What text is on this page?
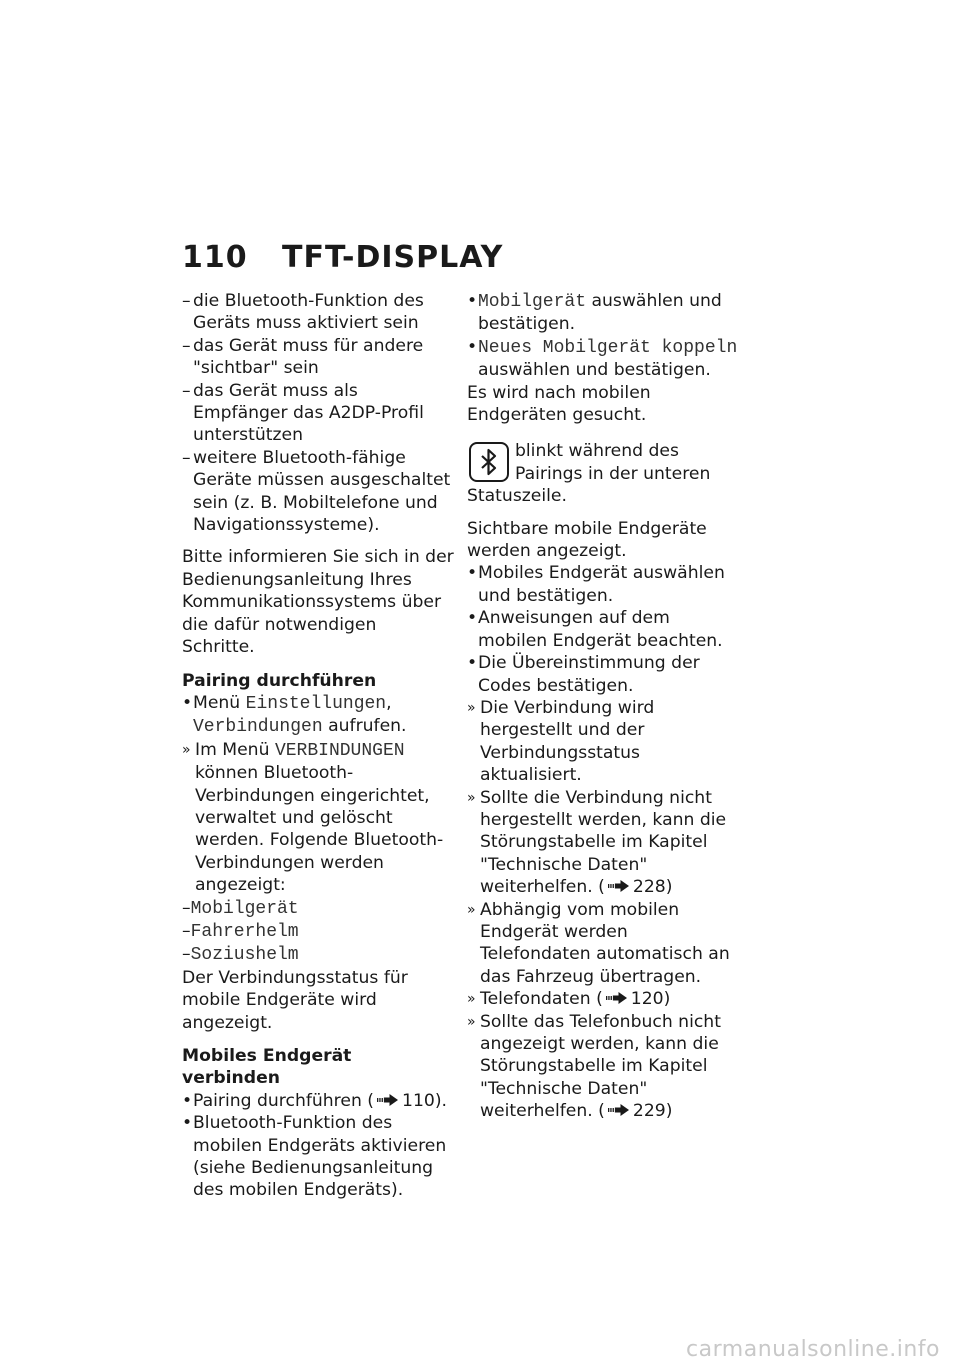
110 TFT-DISPLAY
– die Bluetooth-Funktion des Geräts muss aktiviert sein
– das Gerät muss für andere "sichtbar" sein
– das Gerät muss als Empfänger das A2DP-Profil unterstützen
– weitere Bluetooth-fähige Geräte müssen ausgeschaltet sein (z. B. Mobiltelefone und Navigationssysteme).
Bitte informieren Sie sich in der Bedienungsanleitung Ihres Kommunikationssystems über die dafür notwendigen Schritte.
Pairing durchführen
• Menü Einstellungen, Verbindungen aufrufen.
» Im Menü VERBINDUNGEN können Bluetooth-Verbindungen eingerichtet, verwaltet und gelöscht werden. Folgende Bluetooth-Verbindungen werden angezeigt:
–Mobilgerät
–Fahrerhelm
–Soziushelm
Der Verbindungsstatus für mobile Endgeräte wird angezeigt.
Mobiles Endgerät verbinden
• Pairing durchführen ( 110).
• Bluetooth-Funktion des mobilen Endgeräts aktivieren (siehe Bedienungsanleitung des mobilen Endgeräts).
• Mobilgerät auswählen und bestätigen.
• Neues Mobilgerät koppeln auswählen und bestätigen.
Es wird nach mobilen Endgeräten gesucht.
blinkt während des Pairings in der unteren Statuszeile.
Sichtbare mobile Endgeräte werden angezeigt.
• Mobiles Endgerät auswählen und bestätigen.
• Anweisungen auf dem mobilen Endgerät beachten.
• Die Übereinstimmung der Codes bestätigen.
» Die Verbindung wird hergestellt und der Verbindungsstatus aktualisiert.
» Sollte die Verbindung nicht hergestellt werden, kann die Störungstabelle im Kapitel "Technische Daten" weiterhelfen. ( 228)
» Abhängig vom mobilen Endgerät werden Telefondaten automatisch an das Fahrzeug übertragen.
» Telefondaten ( 120)
» Sollte das Telefonbuch nicht angezeigt werden, kann die Störungstabelle im Kapitel "Technische Daten" weiterhelfen. ( 229)
carmanualsonline.info
